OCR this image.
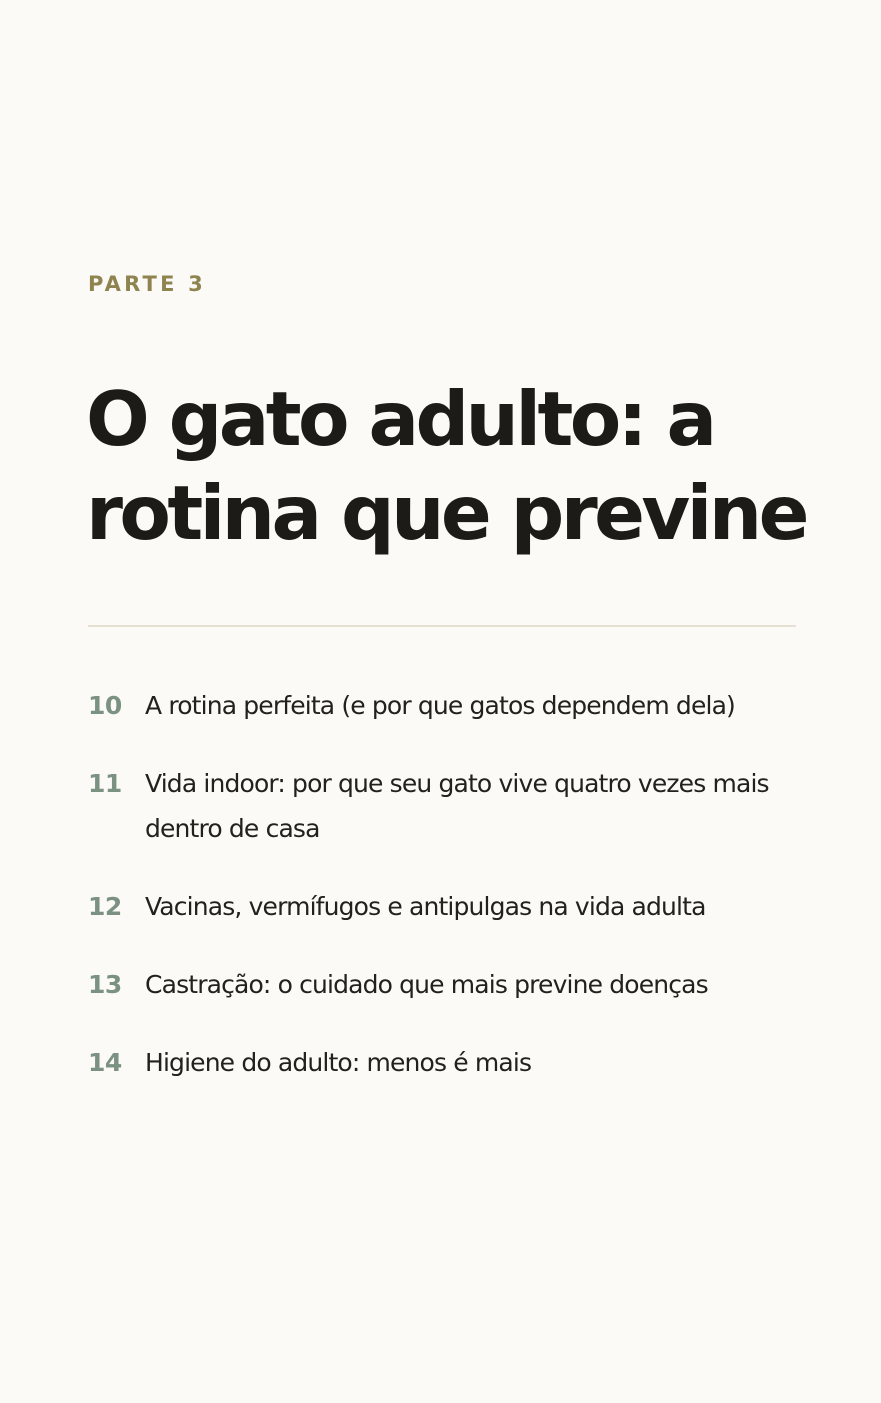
PARTE 3

O gato adulto: a
rotina que previne
10 A rotina perfeita (e por que gatos dependem dela)
11 Vida indoor: por que seu gato vive quatro vezes mais dentro de casa
12 Vacinas, vermífugos e antipulgas na vida adulta
13 Castração: o cuidado que mais previne doenças
14 Higiene do adulto: menos é mais
